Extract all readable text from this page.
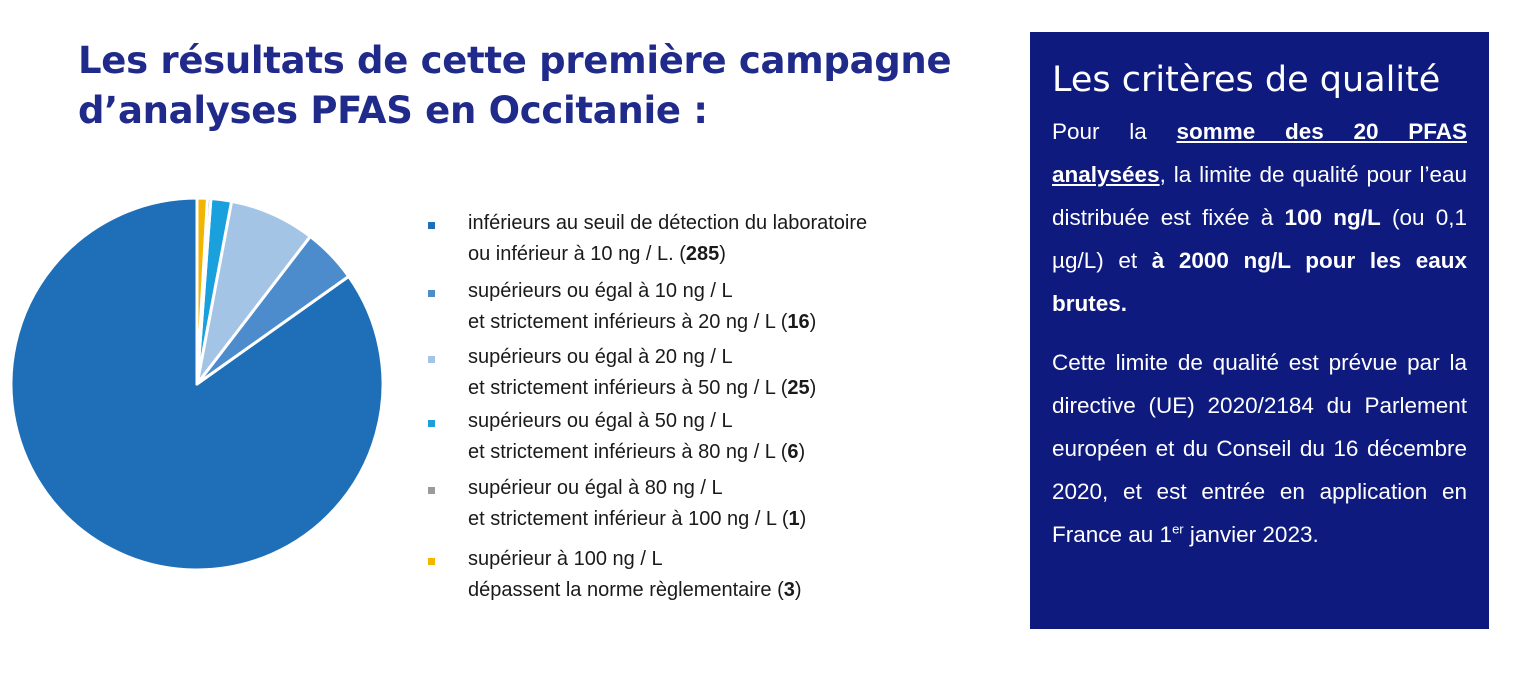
Les résultats de cette première campagne
d’analyses PFAS en Occitanie :
inférieurs au seuil de détection du laboratoire
ou inférieur à 10 ng / L. (285)
supérieurs ou égal à 10 ng / L
et strictement inférieurs à 20 ng / L (16)
supérieurs ou égal à 20 ng / L
et strictement inférieurs à 50 ng / L (25)
supérieurs ou égal à 50 ng / L
et strictement inférieurs à 80 ng / L (6)
supérieur ou égal à 80 ng / L
et strictement inférieur à 100 ng / L (1)
supérieur à 100 ng / L
dépassent la norme règlementaire (3)
Les critères de qualité

Pour la somme des 20 PFAS analysées, la limite de qualité pour l’eau distribuée est fixée à 100 ng/L (ou 0,1 µg/L) et à 2000 ng/L pour les eaux brutes.

Cette limite de qualité est prévue par la directive (UE) 2020/2184 du Parlement européen et du Conseil du 16 décembre 2020, et est entrée en application en France au 1er janvier 2023.
